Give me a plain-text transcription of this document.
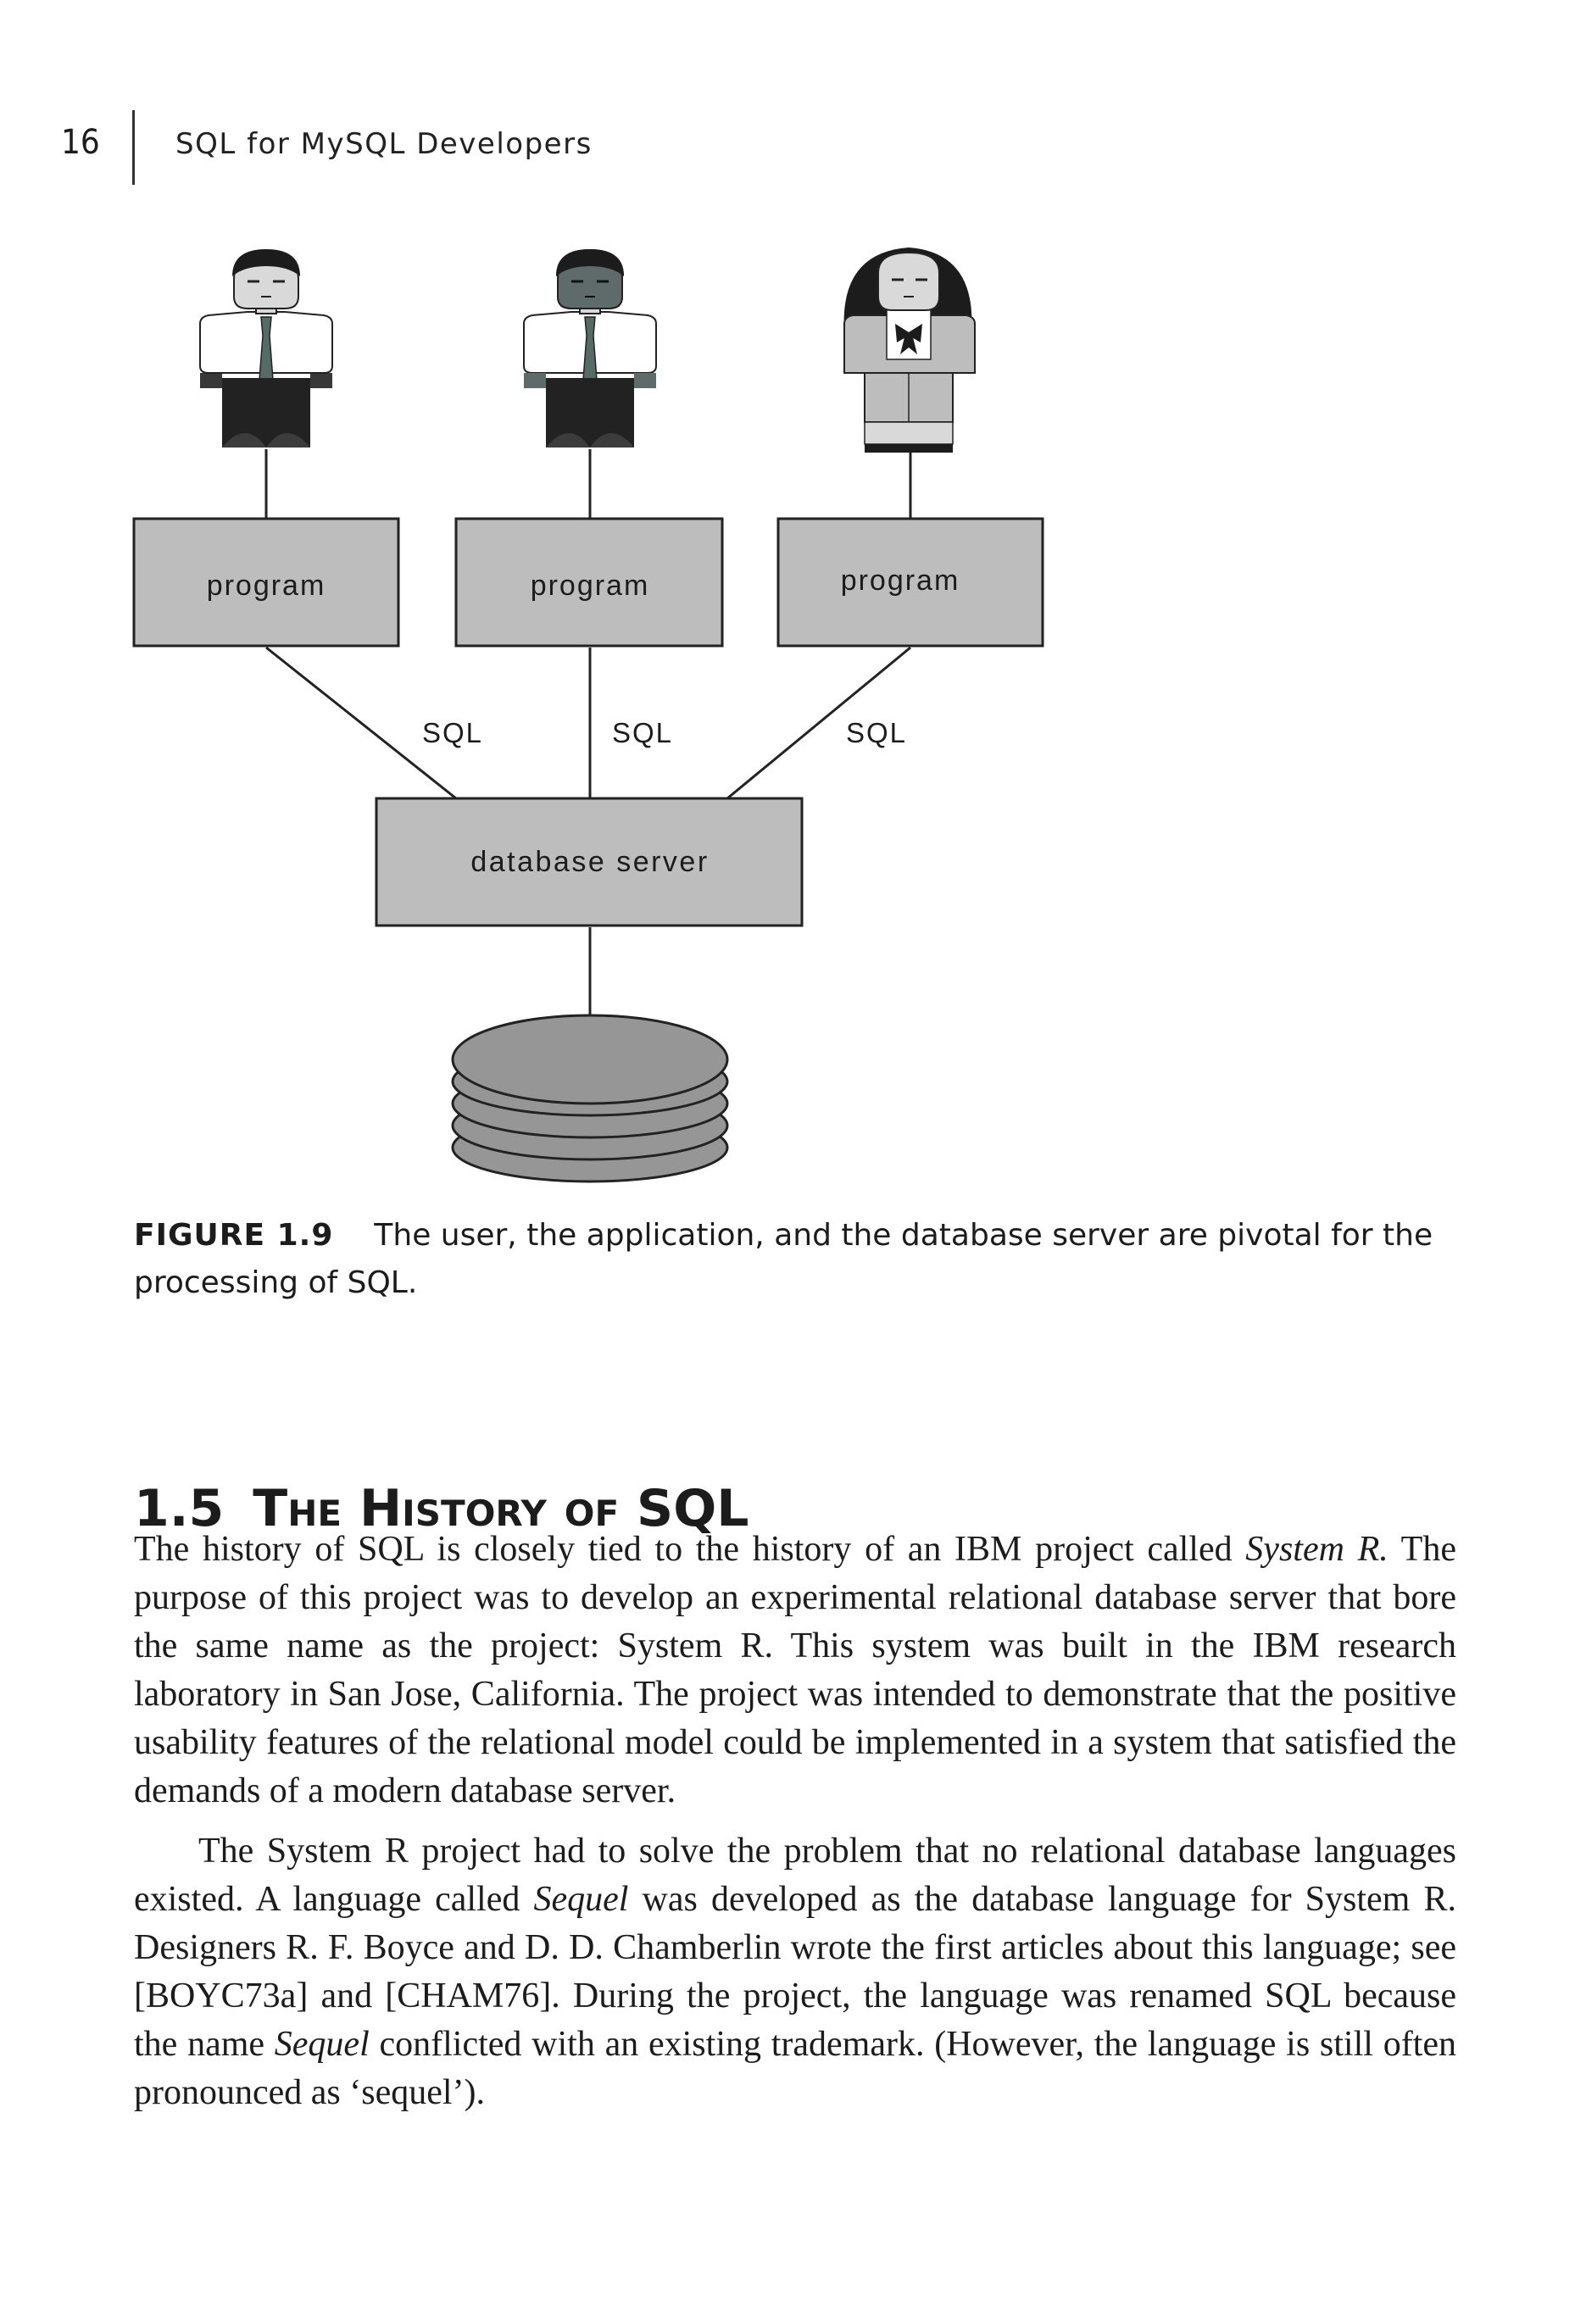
16	SQL for MySQL Developers
program	program	program
SQL	SQL	SQL
database server
FIGURE 1.9 The user, the application, and the database server are pivotal for the processing of SQL.
1.5 The History of SQL

The history of SQL is closely tied to the history of an IBM project called System R. The purpose of this project was to develop an experimental relational database server that bore the same name as the project: System R. This system was built in the IBM research laboratory in San Jose, California. The project was intended to demonstrate that the positive usability features of the relational model could be implemented in a system that satisfied the demands of a modern database server.

The System R project had to solve the problem that no relational database languages existed. A language called Sequel was developed as the database language for System R. Designers R. F. Boyce and D. D. Chamberlin wrote the first articles about this language; see [BOYC73a] and [CHAM76]. During the project, the language was renamed SQL because the name Sequel conflicted with an existing trademark. (However, the language is still often pronounced as ‘sequel’).
